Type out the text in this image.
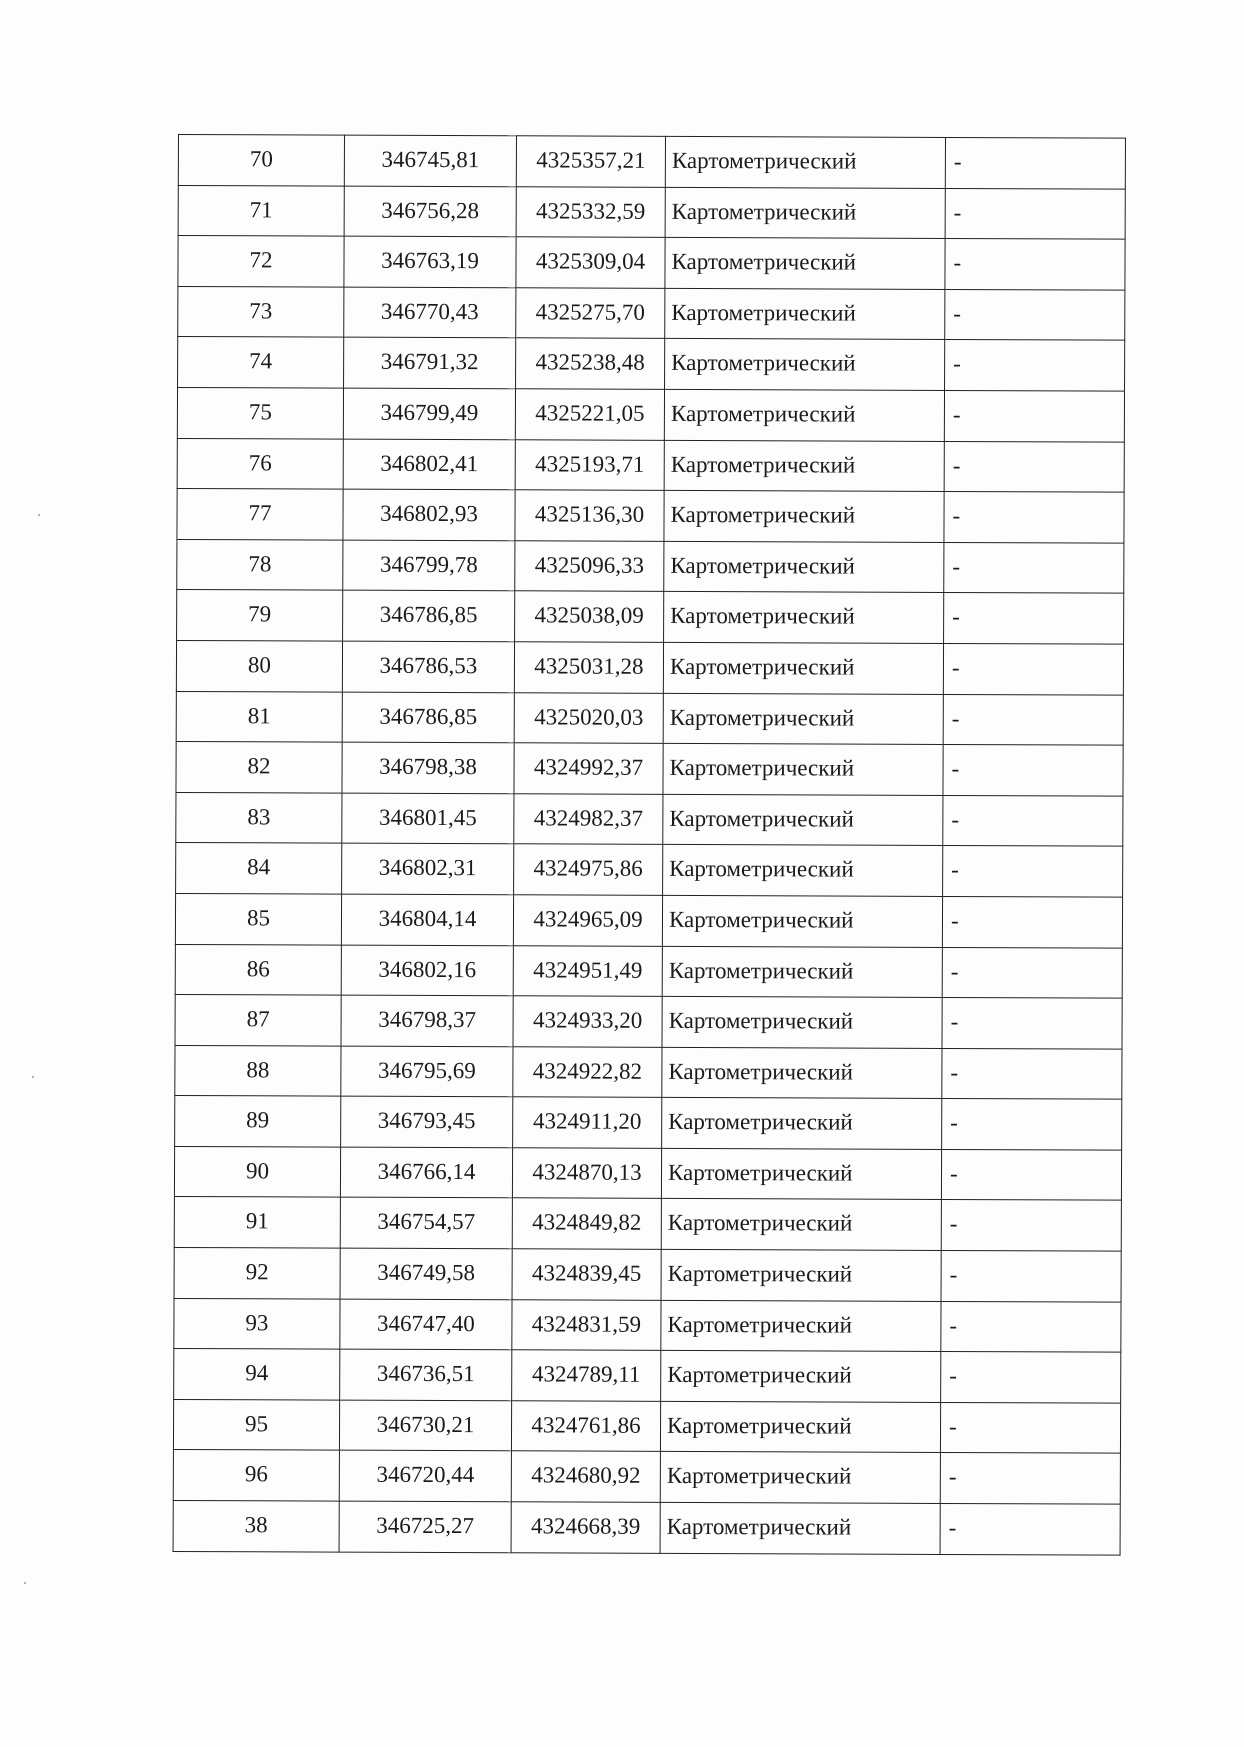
70	346745,81	4325357,21	Картометрический	-

71	346756,28	4325332,59	Картометрический	-

72	346763,19	4325309,04	Картометрический	-

73	346770,43	4325275,70	Картометрический	-

74	346791,32	4325238,48	Картометрический	-

75	346799,49	4325221,05	Картометрический	-

76	346802,41	4325193,71	Картометрический	-

77	346802,93	4325136,30	Картометрический	-

78	346799,78	4325096,33	Картометрический	-

79	346786,85	4325038,09	Картометрический	-

80	346786,53	4325031,28	Картометрический	-

81	346786,85	4325020,03	Картометрический	-

82	346798,38	4324992,37	Картометрический	-

83	346801,45	4324982,37	Картометрический	-

84	346802,31	4324975,86	Картометрический	-

85	346804,14	4324965,09	Картометрический	-

86	346802,16	4324951,49	Картометрический	-

87	346798,37	4324933,20	Картометрический	-

88	346795,69	4324922,82	Картометрический	-

89	346793,45	4324911,20	Картометрический	-

90	346766,14	4324870,13	Картометрический	-

91	346754,57	4324849,82	Картометрический	-

92	346749,58	4324839,45	Картометрический	-

93	346747,40	4324831,59	Картометрический	-

94	346736,51	4324789,11	Картометрический	-

95	346730,21	4324761,86	Картометрический	-

96	346720,44	4324680,92	Картометрический	-

38	346725,27	4324668,39	Картометрический	-
